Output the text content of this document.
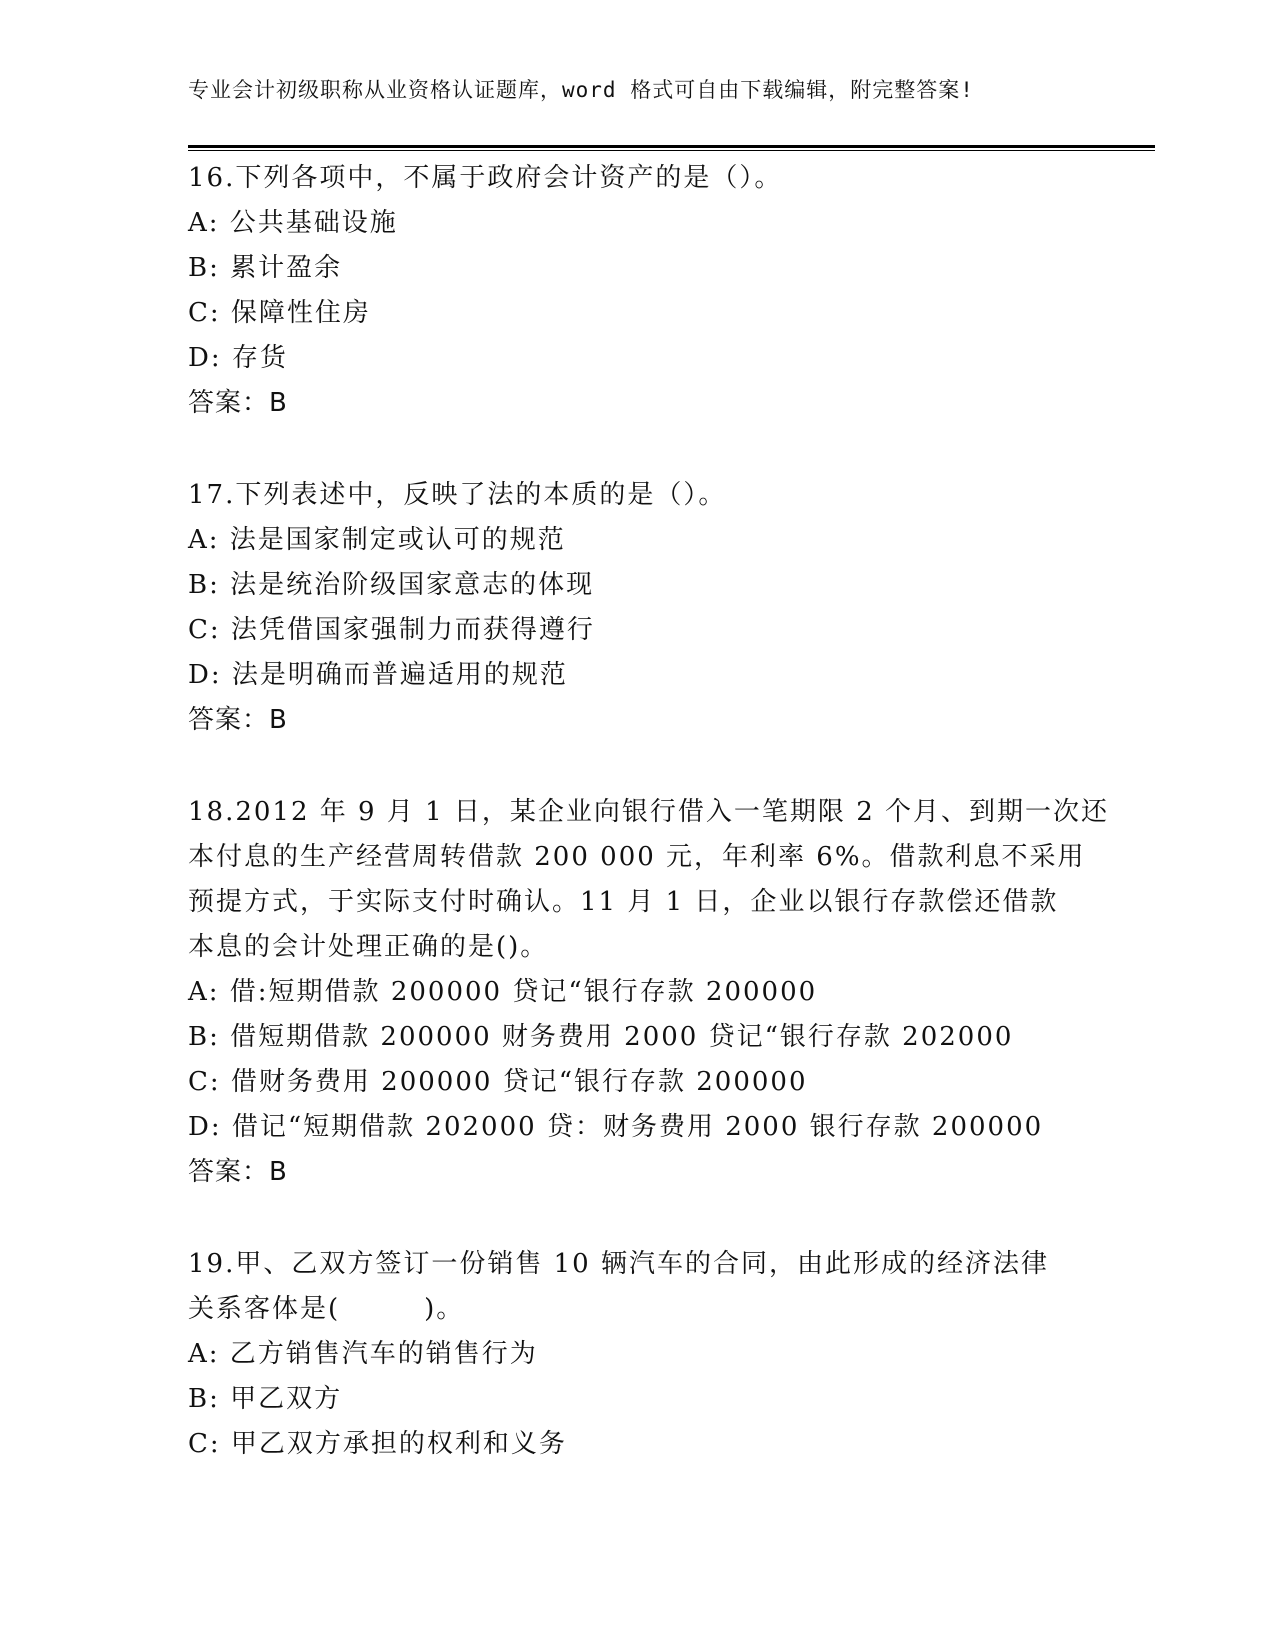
专业会计初级职称从业资格认证题库，word 格式可自由下载编辑，附完整答案!
16.下列各项中，不属于政府会计资产的是（）。
A: 公共基础设施
B: 累计盈余
C: 保障性住房
D: 存货
答案：B
17.下列表述中，反映了法的本质的是（）。
A: 法是国家制定或认可的规范
B: 法是统治阶级国家意志的体现
C: 法凭借国家强制力而获得遵行
D: 法是明确而普遍适用的规范
答案：B
18.2012 年 9 月 1 日，某企业向银行借入一笔期限 2 个月、到期一次还
本付息的生产经营周转借款 200 000 元，年利率 6%。借款利息不采用
预提方式，于实际支付时确认。11 月 1 日，企业以银行存款偿还借款
本息的会计处理正确的是()。
A: 借:短期借款 200000 贷记“银行存款 200000
B: 借短期借款 200000 财务费用 2000 贷记“银行存款 202000
C: 借财务费用 200000 贷记“银行存款 200000
D: 借记“短期借款 202000 贷：财务费用 2000 银行存款 200000
答案：B
19.甲、乙双方签订一份销售 10 辆汽车的合同，由此形成的经济法律
关系客体是(　　　)。
A: 乙方销售汽车的销售行为
B: 甲乙双方
C: 甲乙双方承担的权利和义务
